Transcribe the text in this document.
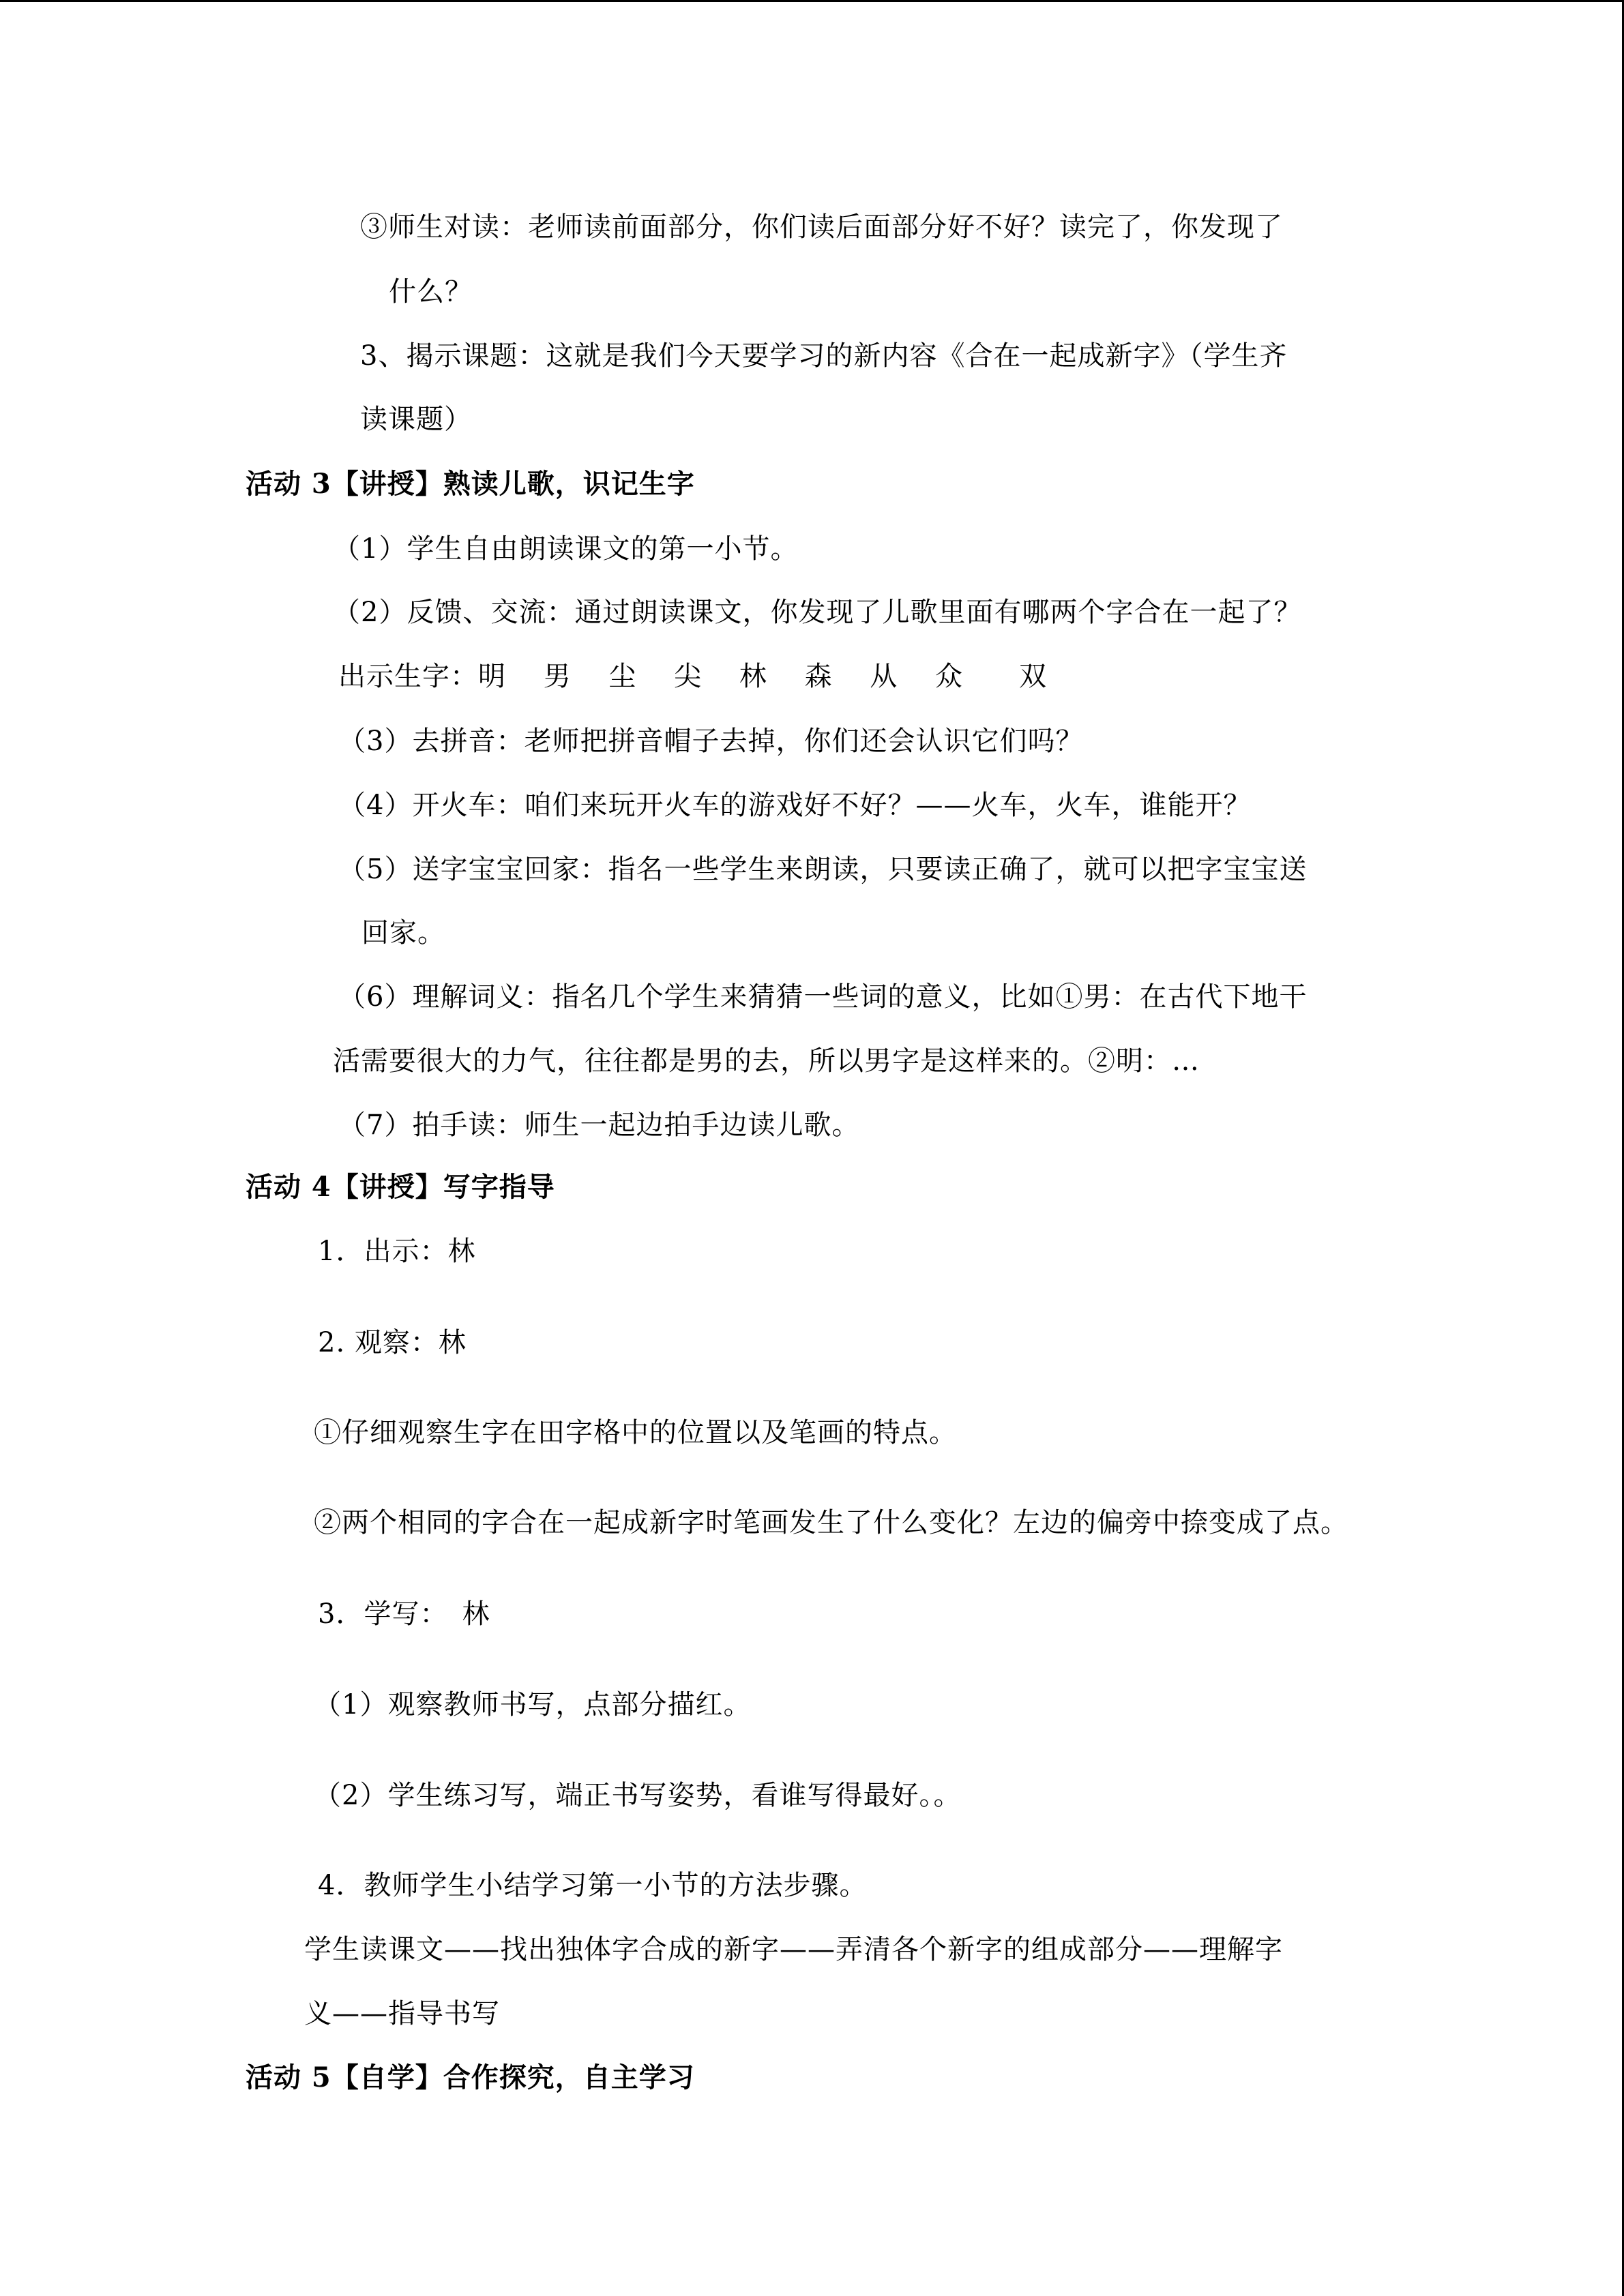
③师生对读：老师读前面部分，你们读后面部分好不好？读完了，你发现了
什么？
3、揭示课题：这就是我们今天要学习的新内容《合在一起成新字》（学生齐
读课题）
活动 3【讲授】熟读儿歌，识记生字
（1）学生自由朗读课文的第一小节。
（2）反馈、交流：通过朗读课文，你发现了儿歌里面有哪两个字合在一起了？
出示生字：明　 男　 尘　 尖　 林　 森　 从　 众　　双
（3）去拼音：老师把拼音帽子去掉，你们还会认识它们吗？
（4）开火车：咱们来玩开火车的游戏好不好？——火车，火车，谁能开？
（5）送字宝宝回家：指名一些学生来朗读，只要读正确了，就可以把字宝宝送
回家。
（6）理解词义：指名几个学生来猜猜一些词的意义，比如①男：在古代下地干
活需要很大的力气，往往都是男的去，所以男字是这样来的。②明：…
（7）拍手读：师生一起边拍手边读儿歌。
活动 4【讲授】写字指导
1．出示：林
2. 观察：林
①仔细观察生字在田字格中的位置以及笔画的特点。
②两个相同的字合在一起成新字时笔画发生了什么变化？左边的偏旁中捺变成了点。
3．学写：　林
（1）观察教师书写，点部分描红。
（2）学生练习写，端正书写姿势，看谁写得最好。。
4．教师学生小结学习第一小节的方法步骤。
学生读课文——找出独体字合成的新字——弄清各个新字的组成部分——理解字
义——指导书写
活动 5【自学】合作探究，自主学习
